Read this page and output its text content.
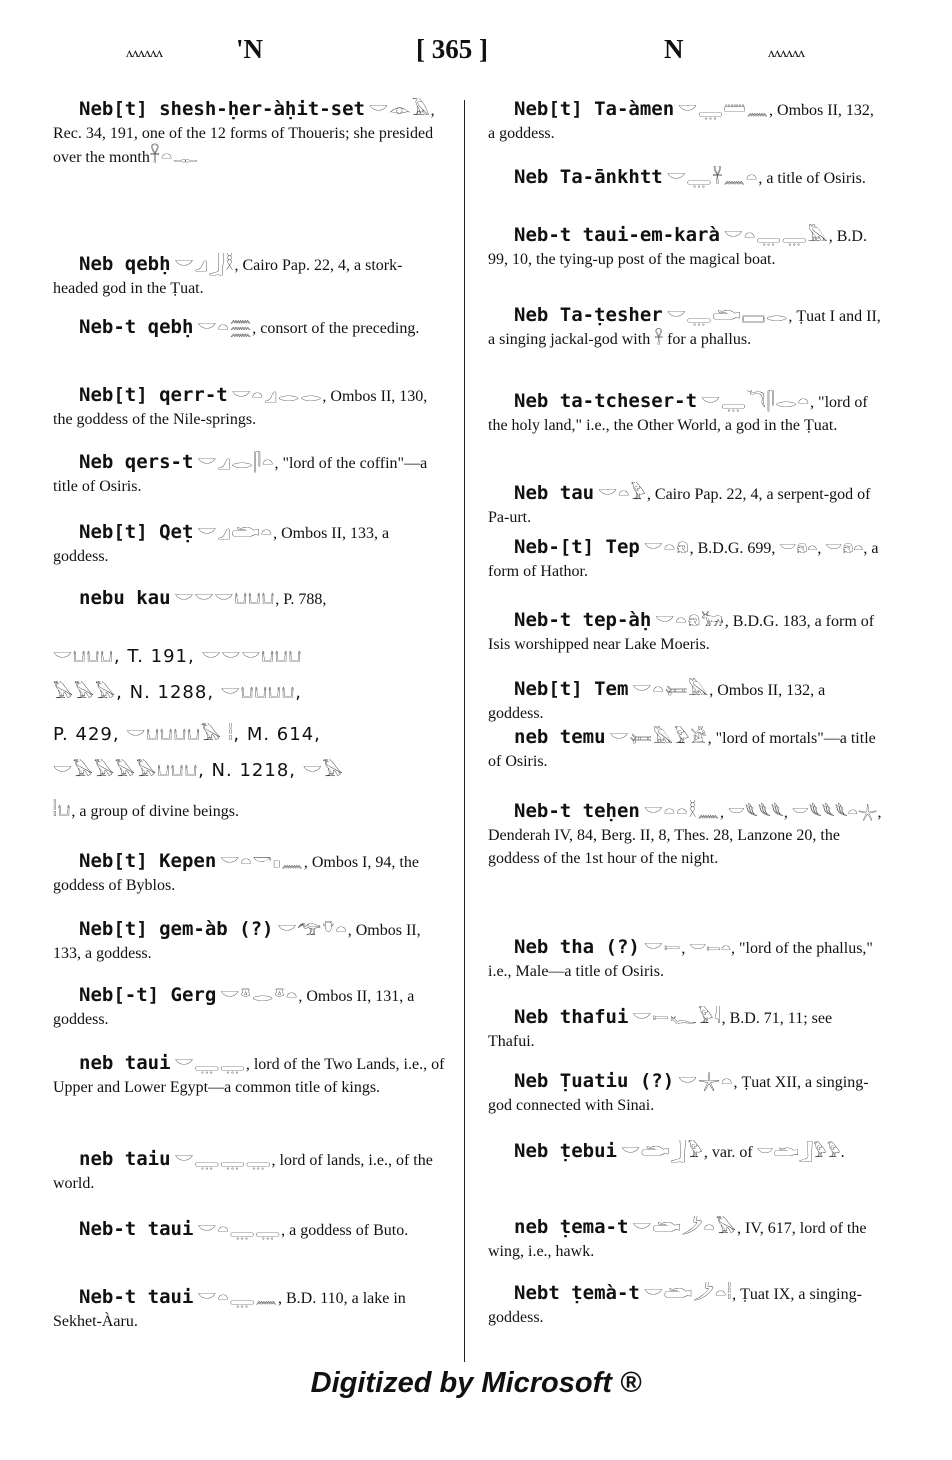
ᴧᴧᴧᴧᴧᴧ	'N	[ 365 ]	N	ᴧᴧᴧᴧᴧᴧ
Neb[t] shesh-ḥer-àḥit-set 𓎟𓁹𓄿, Rec. 34, 191, one of the 12 forms of Thoueris; she presided over the month𓋹𓏏𓊃
Neb qebḥ 𓎟𓈎𓃀𓎛, Cairo Pap. 22, 4, a stork-headed god in the Ṭuat.
Neb-t qebḥ 𓎟𓏏𓈗, consort of the preceding.
Neb[t] qerr-t 𓎟𓏏𓈎𓂋𓂋, Ombos II, 130, the goddess of the Nile-springs.
Neb qers-t 𓎟𓈎𓂋𓋴𓏏, "lord of the coffin"—a title of Osiris.
Neb[t] Qeṭ 𓎟𓈎𓂧𓏏, Ombos II, 133, a goddess.
nebu kau 𓎟𓎟𓎟𓂓𓂓𓂓, P. 788,
𓎟𓂓𓂓𓂓, T. 191, 𓎟𓎟𓎟𓂓𓂓𓂓
𓅃𓅃𓅃, N. 1288, 𓎟𓂓𓂓𓂓𓂓,
P. 429, 𓎟𓂓𓂓𓂓𓂓𓅃 𓏪, M. 614,
𓎟𓅃𓅃𓅃𓅃𓂓𓂓𓂓, N. 1218, 𓎟𓅃
𓏪𓂓, a group of divine beings.
Neb[t] Kepen 𓎟𓏏𓎡𓊪𓈖, Ombos I, 94, the goddess of Byblos.
Neb[t] gem-àb (?) 𓎟𓅠𓄣𓏏, Ombos II, 133, a goddess.
Neb[-t] Gerg 𓎟𓎼𓂋𓎼𓏏, Ombos II, 131, a goddess.
neb taui 𓎟𓇾𓇾, lord of the Two Lands, i.e., of Upper and Lower Egypt—a common title of kings.
neb taiu 𓎟𓇾𓇾𓇾, lord of lands, i.e., of the world.
Neb-t taui 𓎟𓏏𓇾𓇾, a goddess of Buto.
Neb-t taui 𓎟𓏏𓇾𓈖, B.D. 110, a lake in Sekhet-Àaru.
Neb[t] Ta-àmen 𓎟𓇾𓏠𓈖, Ombos II, 132, a goddess.
Neb Ta-ānkhtt 𓎟𓇾𓋹𓈖𓏏, a title of Osiris.
Neb-t taui-em-karà 𓎟𓏏𓇾𓇾𓅓, B.D. 99, 10, the tying-up post of the magical boat.
Neb Ta-ṭesher 𓎟𓇾𓂧𓈙𓂋, Ṭuat I and II, a singing jackal-god with 𓋹 for a phallus.
Neb ta-tcheser-t 𓎟𓇾𓆓𓋴𓂋𓏏, "lord of the holy land," i.e., the Other World, a god in the Ṭuat.
Neb tau 𓎟𓏏𓅱, Cairo Pap. 22, 4, a serpent-god of Pa-urt.
Neb-[t] Tep 𓎟𓏏𓁶, B.D.G. 699, 𓎟𓁶𓏏, 𓎟𓁶𓏏, a form of Hathor.
Neb-t tep-àḥ 𓎟𓏏𓁶𓃒, B.D.G. 183, a form of Isis worshipped near Lake Moeris.
Neb[t] Tem 𓎟𓏏𓍃𓅓, Ombos II, 132, a goddess.
neb temu 𓎟𓍃𓅓𓅱𓀀, "lord of mortals"—a title of Osiris.
Neb-t teḥen 𓎟𓏏𓏏𓎛𓈖, 𓎟𓆰𓆰𓆰, 𓎟𓆰𓆰𓆰𓏏𓇼, Denderah IV, 84, Berg. II, 8, Thes. 28, Lanzone 20, the goddess of the 1st hour of the night.
Neb tha (?) 𓎟𓍿, 𓎟𓍿𓏏, "lord of the phallus," i.e., Male—a title of Osiris.
Neb thafui 𓎟𓍿𓆑𓅱𓇋, B.D. 71, 11; see Thafui.
Neb Ṭuatiu (?) 𓎟𓇼𓏏, Ṭuat XII, a singing-god connected with Sinai.
Neb ṭebui 𓎟𓂧𓃀𓅱, var. of 𓎟𓂧𓃀𓅱𓅱.
neb ṭema-t 𓎟𓂧𓌳𓏏𓅃, IV, 617, lord of the wing, i.e., hawk.
Nebt ṭemà-t 𓎟𓂧𓌳𓏏𓏪, Ṭuat IX, a singing-goddess.
Digitized by Microsoft ®
